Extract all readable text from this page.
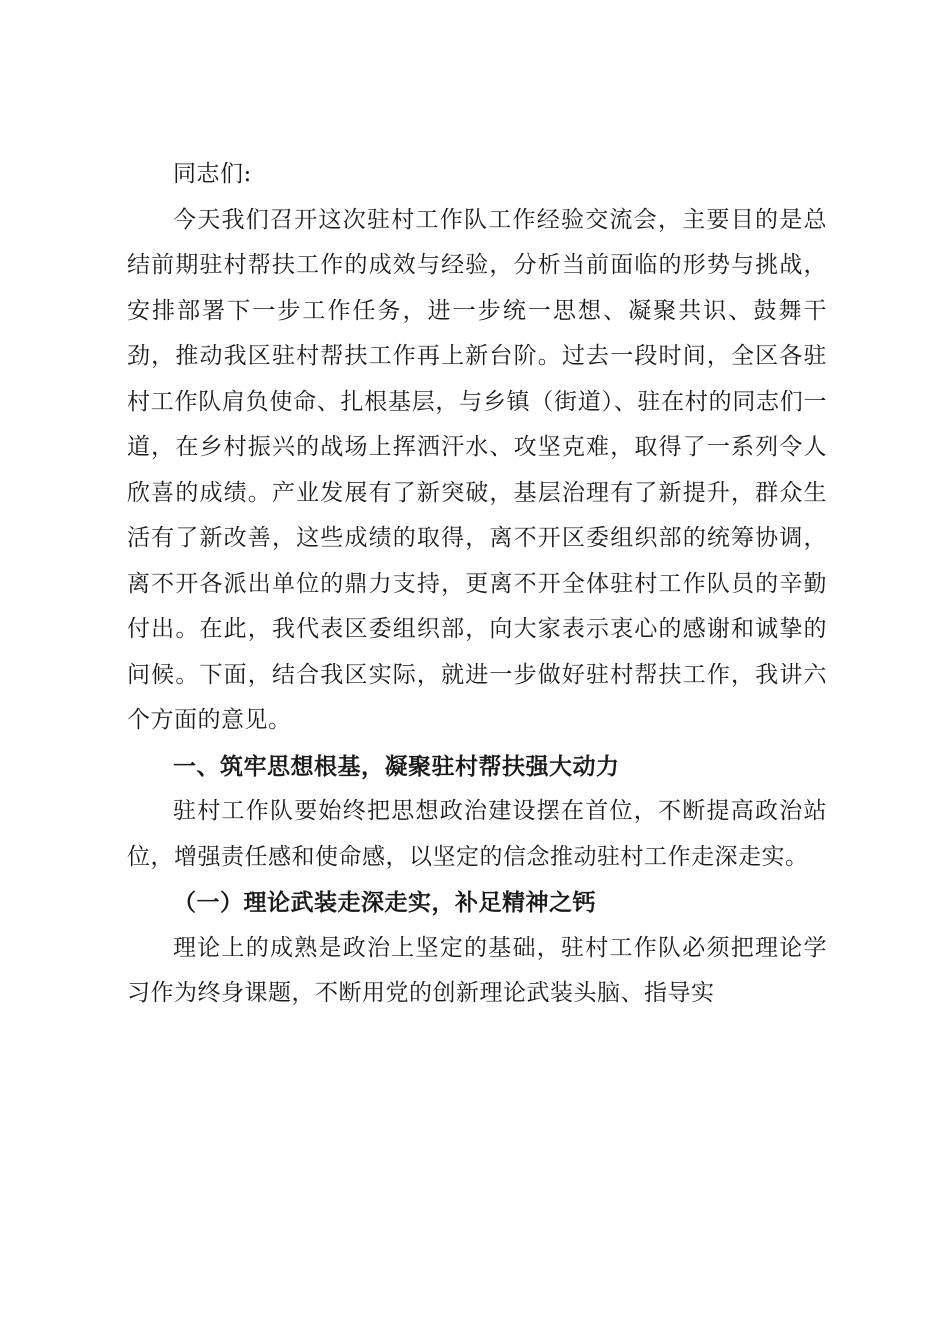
同志们:

今天我们召开这次驻村工作队工作经验交流会，主要目的是总结前期驻村帮扶工作的成效与经验，分析当前面临的形势与挑战，安排部署下一步工作任务，进一步统一思想、凝聚共识、鼓舞干劲，推动我区驻村帮扶工作再上新台阶。过去一段时间，全区各驻村工作队肩负使命、扎根基层，与乡镇（街道）、驻在村的同志们一道，在乡村振兴的战场上挥洒汗水、攻坚克难，取得了一系列令人欣喜的成绩。产业发展有了新突破，基层治理有了新提升，群众生活有了新改善，这些成绩的取得，离不开区委组织部的统筹协调，离不开各派出单位的鼎力支持，更离不开全体驻村工作队员的辛勤付出。在此，我代表区委组织部，向大家表示衷心的感谢和诚挚的问候。下面，结合我区实际，就进一步做好驻村帮扶工作，我讲六个方面的意见。

一、筑牢思想根基，凝聚驻村帮扶强大动力

驻村工作队要始终把思想政治建设摆在首位，不断提高政治站位，增强责任感和使命感，以坚定的信念推动驻村工作走深走实。

（一）理论武装走深走实，补足精神之钙

理论上的成熟是政治上坚定的基础，驻村工作队必须把理论学习作为终身课题，不断用党的创新理论武装头脑、指导实
